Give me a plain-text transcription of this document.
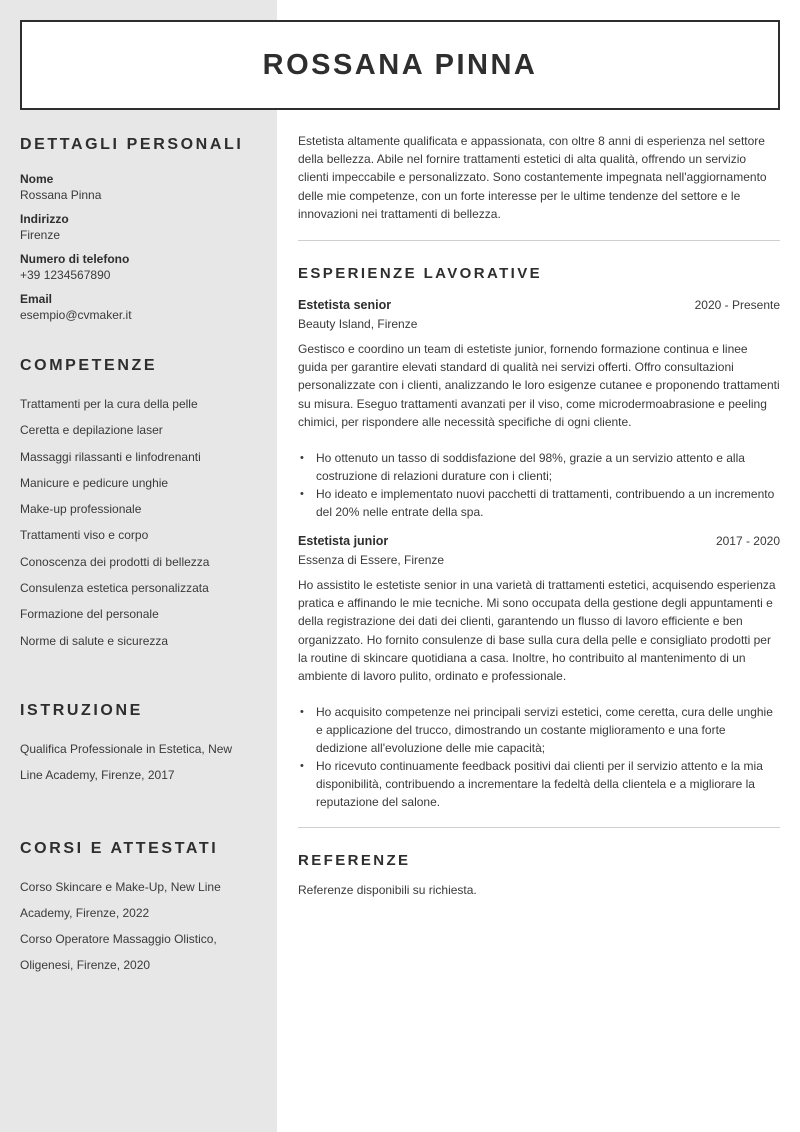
ROSSANA PINNA
DETTAGLI PERSONALI
Nome
Rossana Pinna
Indirizzo
Firenze
Numero di telefono
+39 1234567890
Email
esempio@cvmaker.it
COMPETENZE
Trattamenti per la cura della pelle
Ceretta e depilazione laser
Massaggi rilassanti e linfodrenanti
Manicure e pedicure unghie
Make-up professionale
Trattamenti viso e corpo
Conoscenza dei prodotti di bellezza
Consulenza estetica personalizzata
Formazione del personale
Norme di salute e sicurezza
ISTRUZIONE
Qualifica Professionale in Estetica, New
Line Academy, Firenze, 2017
CORSI E ATTESTATI
Corso Skincare e Make-Up, New Line
Academy, Firenze, 2022
Corso Operatore Massaggio Olistico,
Oligenesi, Firenze, 2020

Estetista altamente qualificata e appassionata, con oltre 8 anni di esperienza nel settore della bellezza. Abile nel fornire trattamenti estetici di alta qualità, offrendo un servizio clienti impeccabile e personalizzato. Sono costantemente impegnata nell'aggiornamento delle mie competenze, con un forte interesse per le ultime tendenze del settore e le innovazioni nei trattamenti di bellezza.

ESPERIENZE LAVORATIVE
Estetista senior	2020 - Presente
Beauty Island, Firenze

Gestisco e coordino un team di estetiste junior, fornendo formazione continua e linee guida per garantire elevati standard di qualità nei servizi offerti. Offro consultazioni personalizzate con i clienti, analizzando le loro esigenze cutanee e proponendo trattamenti su misura. Eseguo trattamenti avanzati per il viso, come microdermoabrasione e peeling chimici, per rispondere alle necessità specifiche di ogni cliente.

• Ho ottenuto un tasso di soddisfazione del 98%, grazie a un servizio attento e alla costruzione di relazioni durature con i clienti;
• Ho ideato e implementato nuovi pacchetti di trattamenti, contribuendo a un incremento del 20% nelle entrate della spa.
Estetista junior	2017 - 2020
Essenza di Essere, Firenze

Ho assistito le estetiste senior in una varietà di trattamenti estetici, acquisendo esperienza pratica e affinando le mie tecniche. Mi sono occupata della gestione degli appuntamenti e della registrazione dei dati dei clienti, garantendo un flusso di lavoro efficiente e ben organizzato. Ho fornito consulenze di base sulla cura della pelle e consigliato prodotti per la routine di skincare quotidiana a casa. Inoltre, ho contribuito al mantenimento di un ambiente di lavoro pulito, ordinato e professionale.

• Ho acquisito competenze nei principali servizi estetici, come ceretta, cura delle unghie e applicazione del trucco, dimostrando un costante miglioramento e una forte dedizione all'evoluzione delle mie capacità;
• Ho ricevuto continuamente feedback positivi dai clienti per il servizio attento e la mia disponibilità, contribuendo a incrementare la fedeltà della clientela e a migliorare la reputazione del salone.
REFERENZE

Referenze disponibili su richiesta.
